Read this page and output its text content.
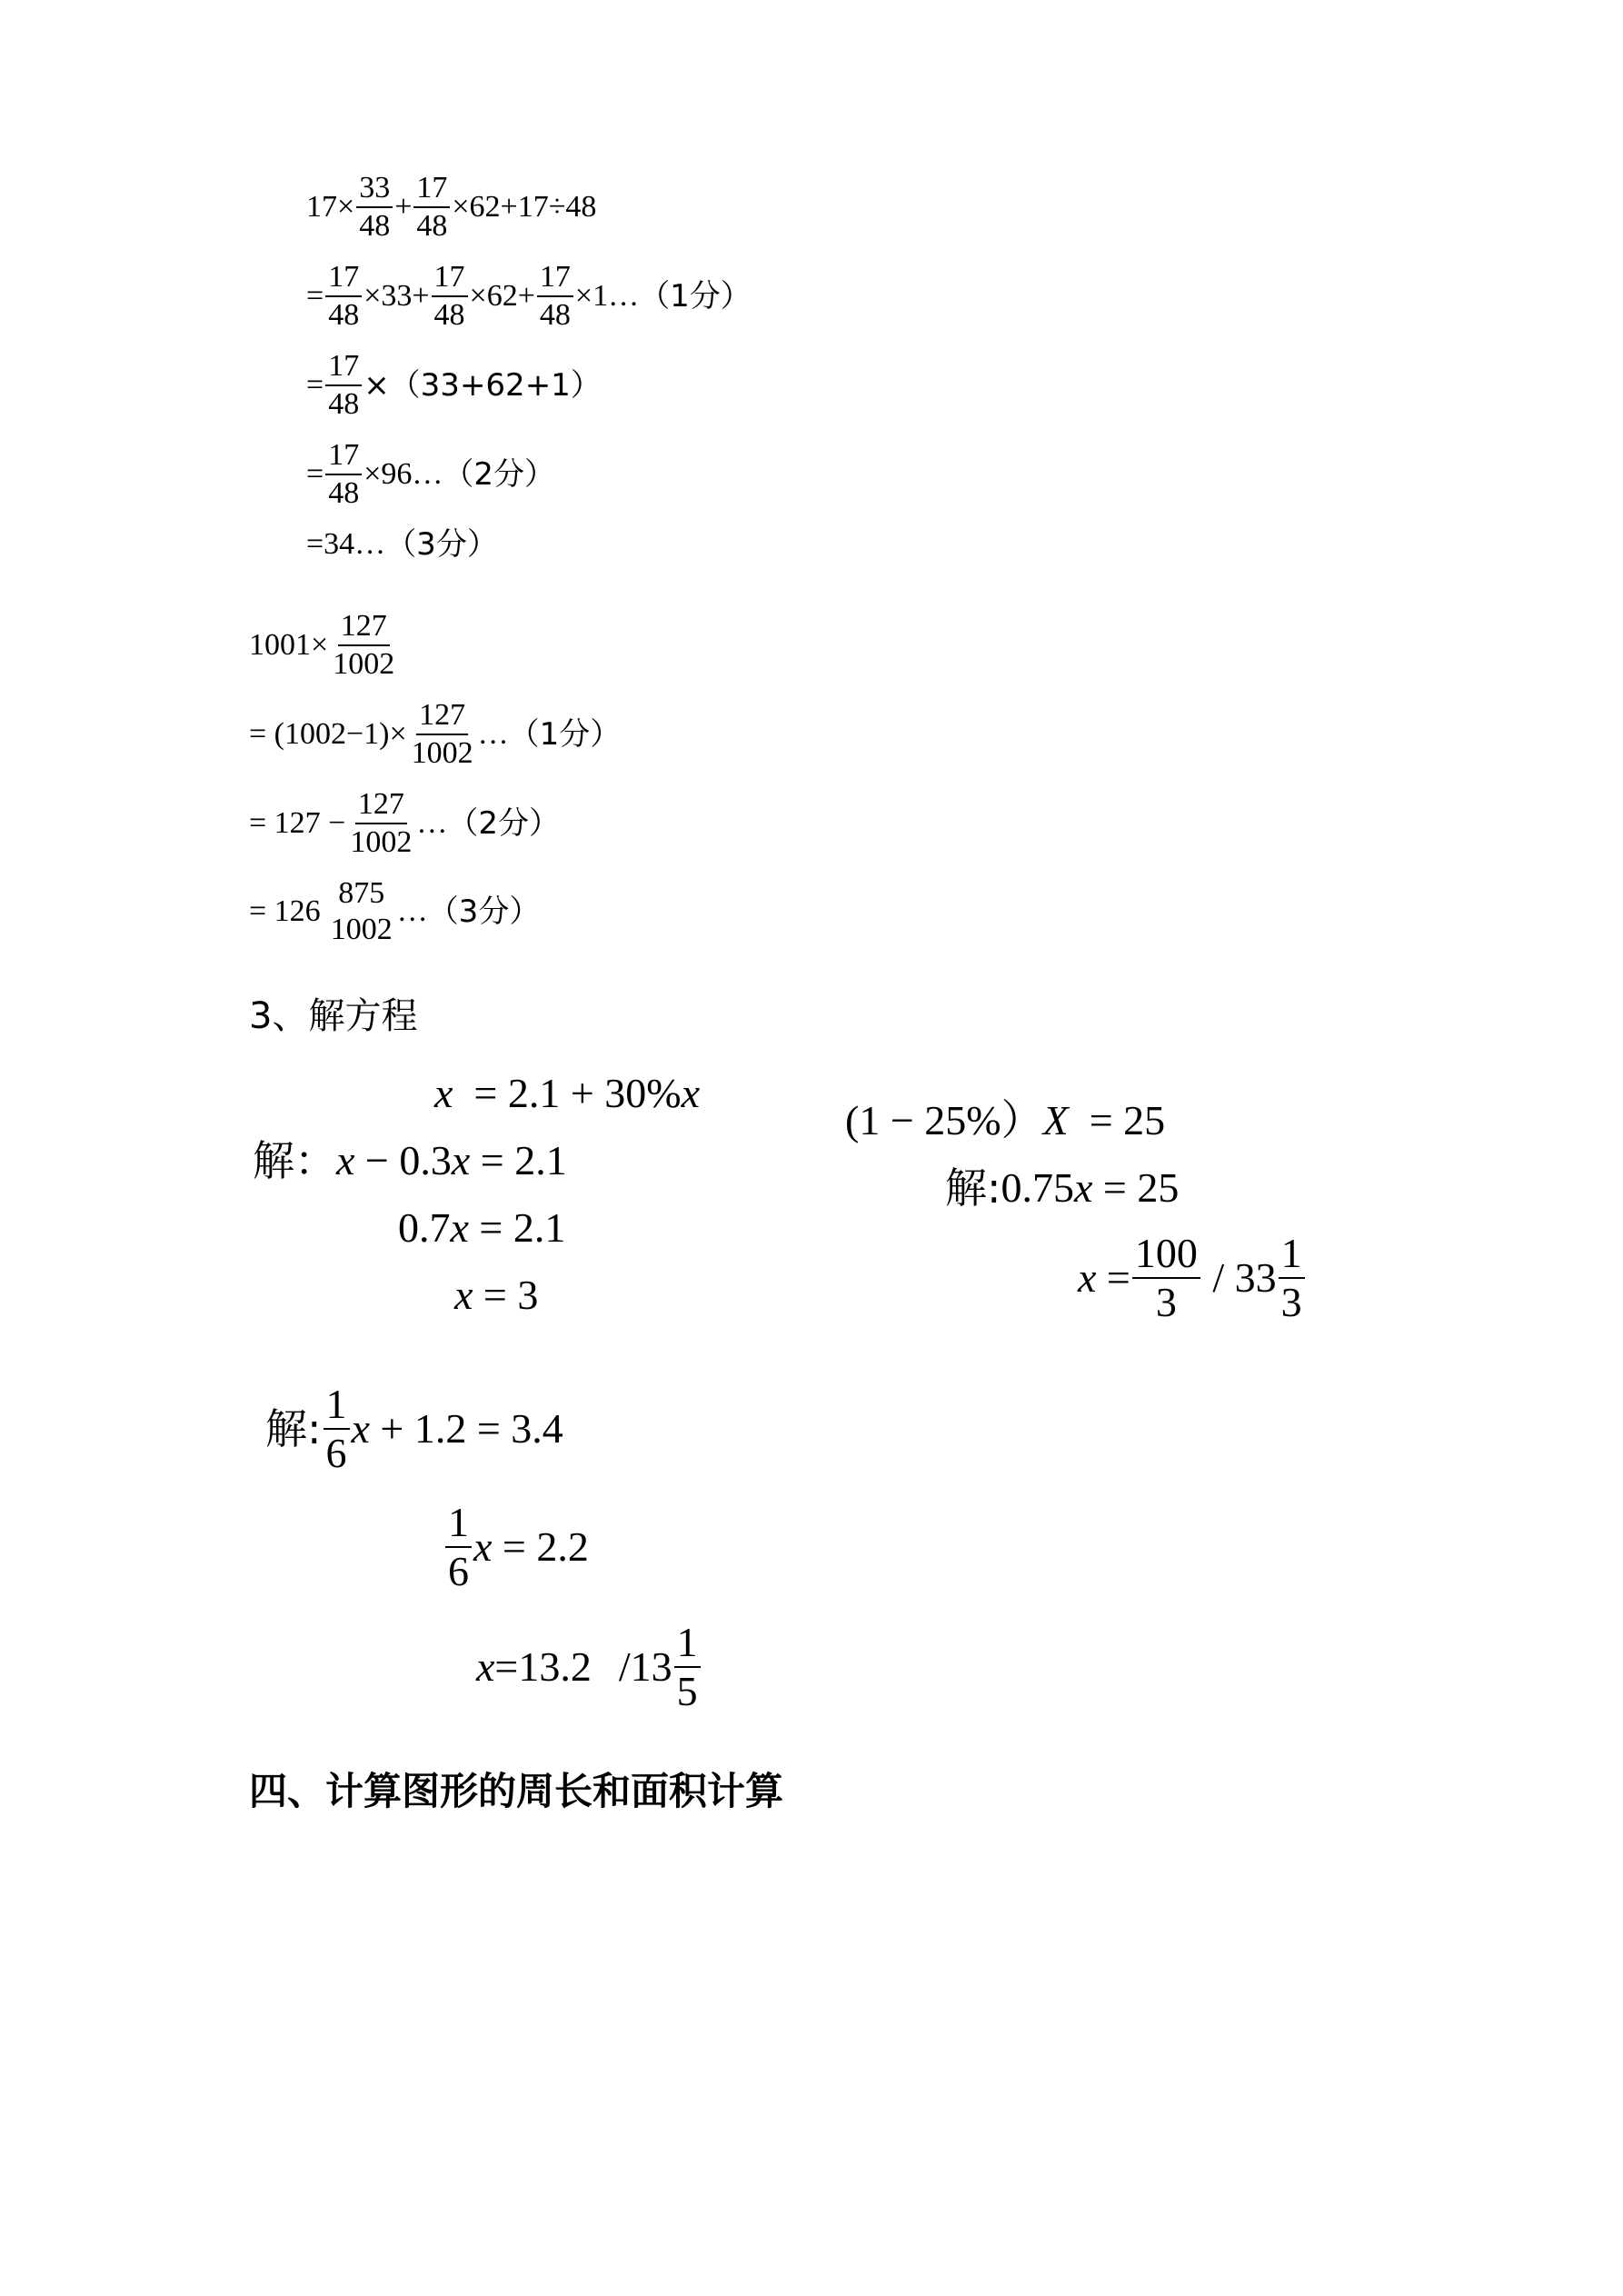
$17\times \frac{33}{48} + \frac{17}{48} \times 62+17\div 48$
= $\frac{17}{48} \times 33+ \frac{17}{48} \times 62+ \frac{17}{48}$ ×1… （1分）
= $\frac{17}{48} \times(33+62+1)$
= $\frac{17}{48}$ ×96… （2分）
=34… （3分）
$1001\times \frac{127}{1002}$
= $(1002-1)\times \frac{127}{1002}$ … （1分）
= $127 - \frac{127}{1002}$ … （2分）
= 126
875
1002
… （3分）
3、解方程
x = 2.1 + 30% x
解： x − 0.3 x = 2.1
0.7 x = 2.1
x = 3
(1 − 25%） X = 25
解: 0.75 x = 25
$x = \frac{100}{3} / 33 \frac{1}{3}$
解: $\frac{1}{6}$ x + 1.2 = 3.4
$\frac{1}{6}$ x = 2.2
x =13.2 $/13 \frac{1}{5}$
四、计算图形的周长和面积计算
